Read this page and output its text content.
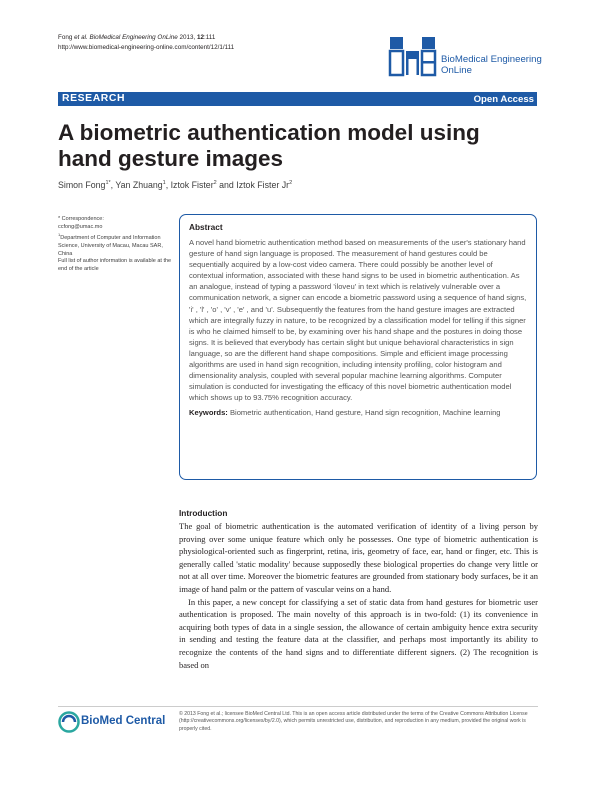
Fong et al. BioMedical Engineering OnLine 2013, 12:111
http://www.biomedical-engineering-online.com/content/12/1/111
BioMedical Engineering
OnLine
RESEARCH	Open Access
A biometric authentication model using hand gesture images
Simon Fong$^{1*}$, Yan Zhuang$^1$, Iztok Fister$^2$ and Iztok Fister Jr$^2$
* Correspondence:
ccfong@umac.mo
$^1$Department of Computer and Information Science, University of Macau, Macau SAR, China
Full list of author information is available at the end of the article
Abstract
A novel hand biometric authentication method based on measurements of the user's stationary hand gesture of hand sign language is proposed. The measurement of hand gestures could be sequentially acquired by a low-cost video camera. There could possibly be another level of contextual information, associated with these hand signs to be used in biometric authentication. As an analogue, instead of typing a password 'iloveu' in text which is relatively vulnerable over a communication network, a signer can encode a biometric password using a sequence of hand signs, 'i' , 'l' , 'o' , 'v' , 'e' , and 'u'. Subsequently the features from the hand gesture images are extracted which are integrally fuzzy in nature, to be recognized by a classification model for telling if this signer is who he claimed himself to be, by examining over his hand shape and the postures in doing those signs. It is believed that everybody has certain slight but unique behavioral characteristics in sign language, so are the different hand shape compositions. Simple and efficient image processing algorithms are used in hand sign recognition, including intensity profiling, color histogram and dimensionality analysis, coupled with several popular machine learning algorithms. Computer simulation is conducted for investigating the efficacy of this novel biometric authentication model which shows up to 93.75% recognition accuracy.
Keywords: Biometric authentication, Hand gesture, Hand sign recognition, Machine learning
Introduction

The goal of biometric authentication is the automated verification of identity of a living person by proving over some unique feature which only he possesses. One type of biometric authentication is physiological-oriented such as fingerprint, retina, iris, geometry of face, ear, hand or finger, etc. This is generally called 'static modality' because supposedly these biological properties do change very little or not at all over time. Moreover the biometric features are grounded from stationary body surfaces, be it an image of hand palm or the pattern of vascular veins on a hand.

In this paper, a new concept for classifying a set of static data from hand gestures for biometric user authentication is proposed. The main novelty of this approach is in two-fold: (1) its convenience in acquiring both types of data in a single session, the allowance of certain ambiguity hence extra security in sending and testing the feature data at the classifier, and perhaps most importantly its ability to recognize the contents of the hand signs and to differentiate different signers. (2) The recognition is based on

BioMed Central
© 2013 Fong et al.; licensee BioMed Central Ltd. This is an open access article distributed under the terms of the Creative Commons Attribution License (http://creativecommons.org/licenses/by/2.0), which permits unrestricted use, distribution, and reproduction in any medium, provided the original work is properly cited.
